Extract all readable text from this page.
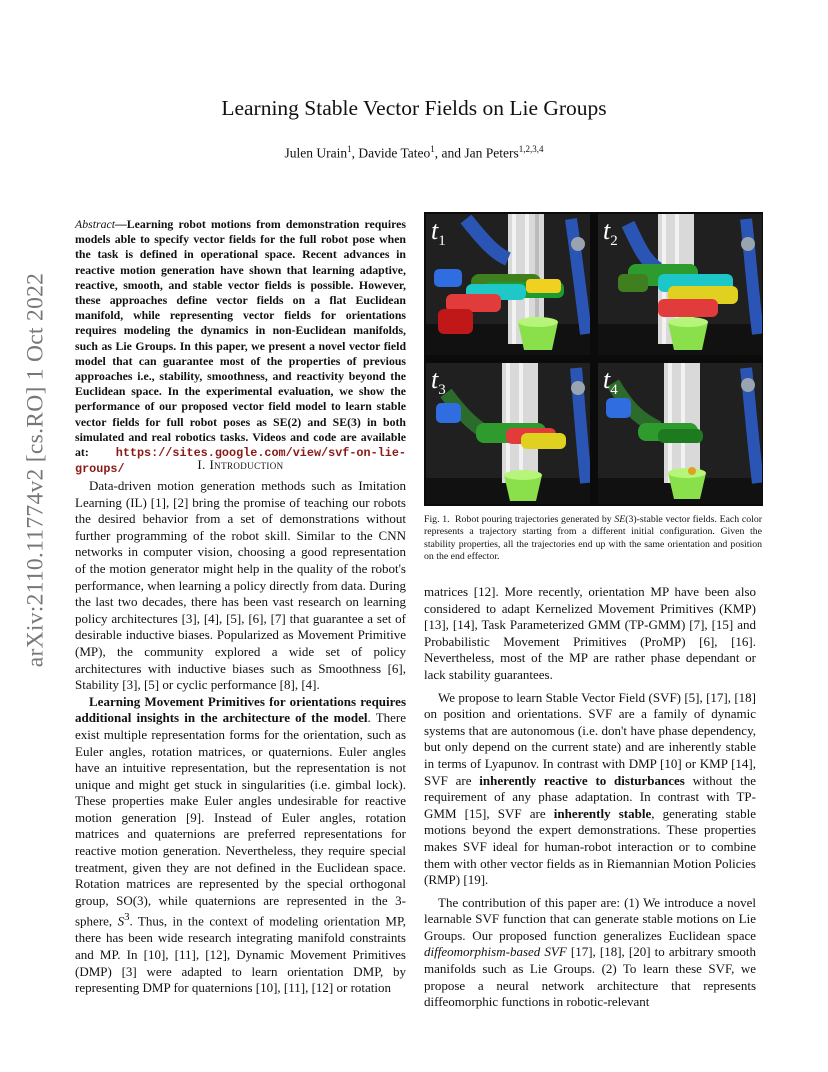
Learning Stable Vector Fields on Lie Groups
Julen Urain$^1$, Davide Tateo$^1$, and Jan Peters$^{1,2,3,4}$
arXiv:2110.11774v2 [cs.RO] 1 Oct 2022
Abstract—Learning robot motions from demonstration requires models able to specify vector fields for the full robot pose when the task is defined in operational space. Recent advances in reactive motion generation have shown that learning adaptive, reactive, smooth, and stable vector fields is possible. However, these approaches define vector fields on a flat Euclidean manifold, while representing vector fields for orientations requires modeling the dynamics in non-Euclidean manifolds, such as Lie Groups. In this paper, we present a novel vector field model that can guarantee most of the properties of previous approaches i.e., stability, smoothness, and reactivity beyond the Euclidean space. In the experimental evaluation, we show the performance of our proposed vector field model to learn stable vector fields for full robot poses as SE(2) and SE(3) in both simulated and real robotics tasks. Videos and code are available at: https://sites.google.com/view/svf-on-lie-groups/	I. Introduction

Data-driven motion generation methods such as Imitation Learning (IL) [1], [2] bring the promise of teaching our robots the desired behavior from a set of demonstrations without further programming of the robot skill. Similar to the CNN networks in computer vision, choosing a good representation of the motion generator might help in the quality of the robot's performance, when learning a policy directly from data. During the last two decades, there has been vast research on learning policy architectures [3], [4], [5], [6], [7] that guarantee a set of desirable inductive biases. Popularized as Movement Primitive (MP), the community explored a wide set of policy architectures with inductive biases such as Smoothness [6], Stability [3], [5] or cyclic performance [8], [4].

Learning Movement Primitives for orientations requires additional insights in the architecture of the model. There exist multiple representation forms for the orientation, such as Euler angles, rotation matrices, or quaternions. Euler angles have an intuitive representation, but the representation is not unique and might get stuck in singularities (i.e. gimbal lock). These properties make Euler angles undesirable for reactive motion generation [9]. Instead of Euler angles, rotation matrices and quaternions are preferred representations for reactive motion generation. Nevertheless, they require special treatment, given they are not defined in the Euclidean space. Rotation matrices are represented by the special orthogonal group, SO(3), while quaternions are represented in the 3-sphere, $S^3$. Thus, in the context of modeling orientation MP, there has been wide research integrating manifold constraints and MP. In [10], [11], [12], Dynamic Movement Primitives (DMP) [3] were adapted to learn orientation DMP, by representing DMP for quaternions [10], [11], [12] or rotation

$t_1$	$t_2$
$t_3$	$t_4$
Fig. 1. Robot pouring trajectories generated by SE(3)-stable vector fields. Each color represents a trajectory starting from a different initial configuration. Given the stability properties, all the trajectories end up with the same orientation and position on the end effector.

matrices [12]. More recently, orientation MP have been also considered to adapt Kernelized Movement Primitives (KMP) [13], [14], Task Parameterized GMM (TP-GMM) [7], [15] and Probabilistic Movement Primitives (ProMP) [6], [16]. Nevertheless, most of the MP are rather phase dependant or lack stability guarantees.

We propose to learn Stable Vector Field (SVF) [5], [17], [18] on position and orientations. SVF are a family of dynamic systems that are autonomous (i.e. don't have phase dependency, but only depend on the current state) and are inherently stable in terms of Lyapunov. In contrast with DMP [10] or KMP [14], SVF are inherently reactive to disturbances without the requirement of any phase adaptation. In contrast with TP-GMM [15], SVF are inherently stable, generating stable motions beyond the expert demonstrations. These properties makes SVF ideal for human-robot interaction or to combine them with other vector fields as in Riemannian Motion Policies (RMP) [19].

The contribution of this paper are: (1) We introduce a novel learnable SVF function that can generate stable motions on Lie Groups. Our proposed function generalizes Euclidean space diffeomorphism-based SVF [17], [18], [20] to arbitrary smooth manifolds such as Lie Groups. (2) To learn these SVF, we propose a neural network architecture that represents diffeomorphic functions in robotic-relevant
